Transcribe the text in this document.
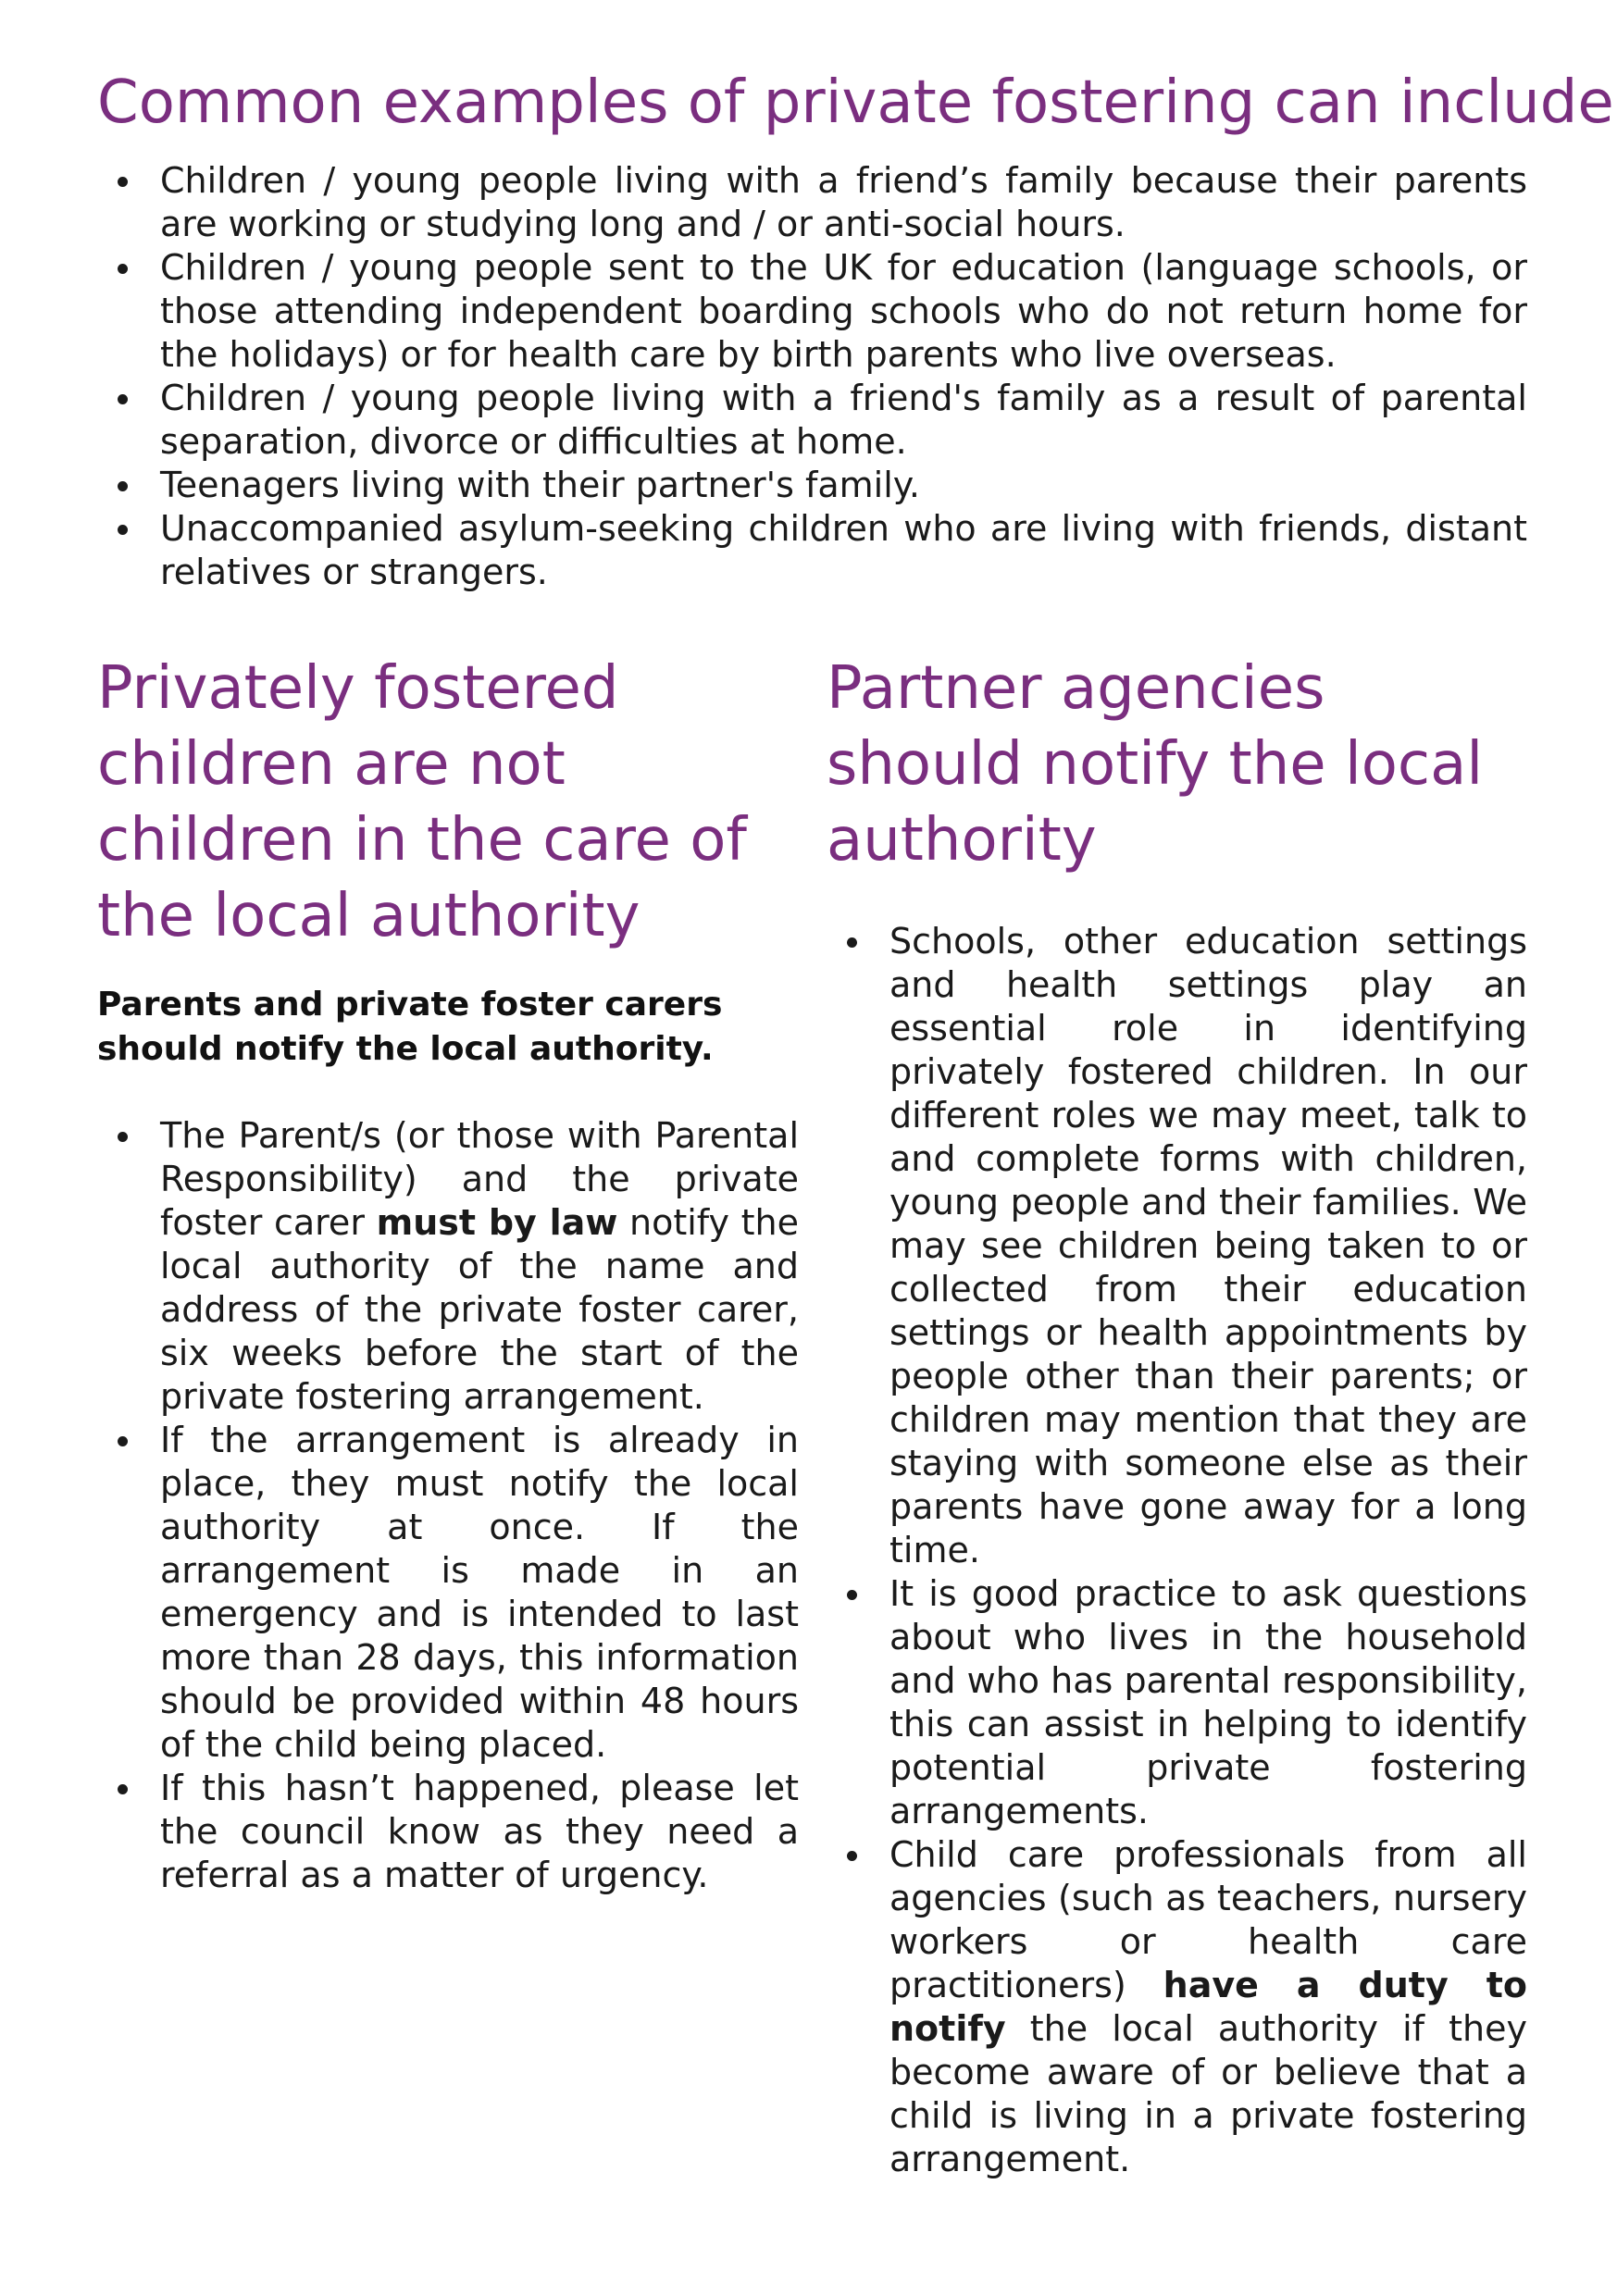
Common examples of private fostering can include
Children / young people living with a friend’s family because their parents are working or studying long and / or anti-social hours.
Children / young people sent to the UK for education (language schools, or those attending independent boarding schools who do not return home for the holidays) or for health care by birth parents who live overseas.
Children / young people living with a friend's family as a result of parental separation, divorce or difficulties at home.
Teenagers living with their partner's family.
Unaccompanied asylum-seeking children who are living with friends, distant relatives or strangers.
Privately fostered children are not children in the care of the local authority

Parents and private foster carers should notify the local authority.

The Parent/s (or those with Parental Responsibility) and the private foster carer must by law notify the local authority of the name and address of the private foster carer, six weeks before the start of the private fostering arrangement.
If the arrangement is already in place, they must notify the local authority at once. If the arrangement is made in an emergency and is intended to last more than 28 days, this information should be provided within 48 hours of the child being placed.
If this hasn’t happened, please let the council know as they need a referral as a matter of urgency.
Partner agencies should notify the local authority
Schools, other education settings and health settings play an essential role in identifying privately fostered children. In our different roles we may meet, talk to and complete forms with children, young people and their families. We may see children being taken to or collected from their education settings or health appointments by people other than their parents; or children may mention that they are staying with someone else as their parents have gone away for a long time.
It is good practice to ask questions about who lives in the household and who has parental responsibility, this can assist in helping to identify potential private fostering arrangements.
Child care professionals from all agencies (such as teachers, nursery workers or health care practitioners) have a duty to notify the local authority if they become aware of or believe that a child is living in a private fostering arrangement.
